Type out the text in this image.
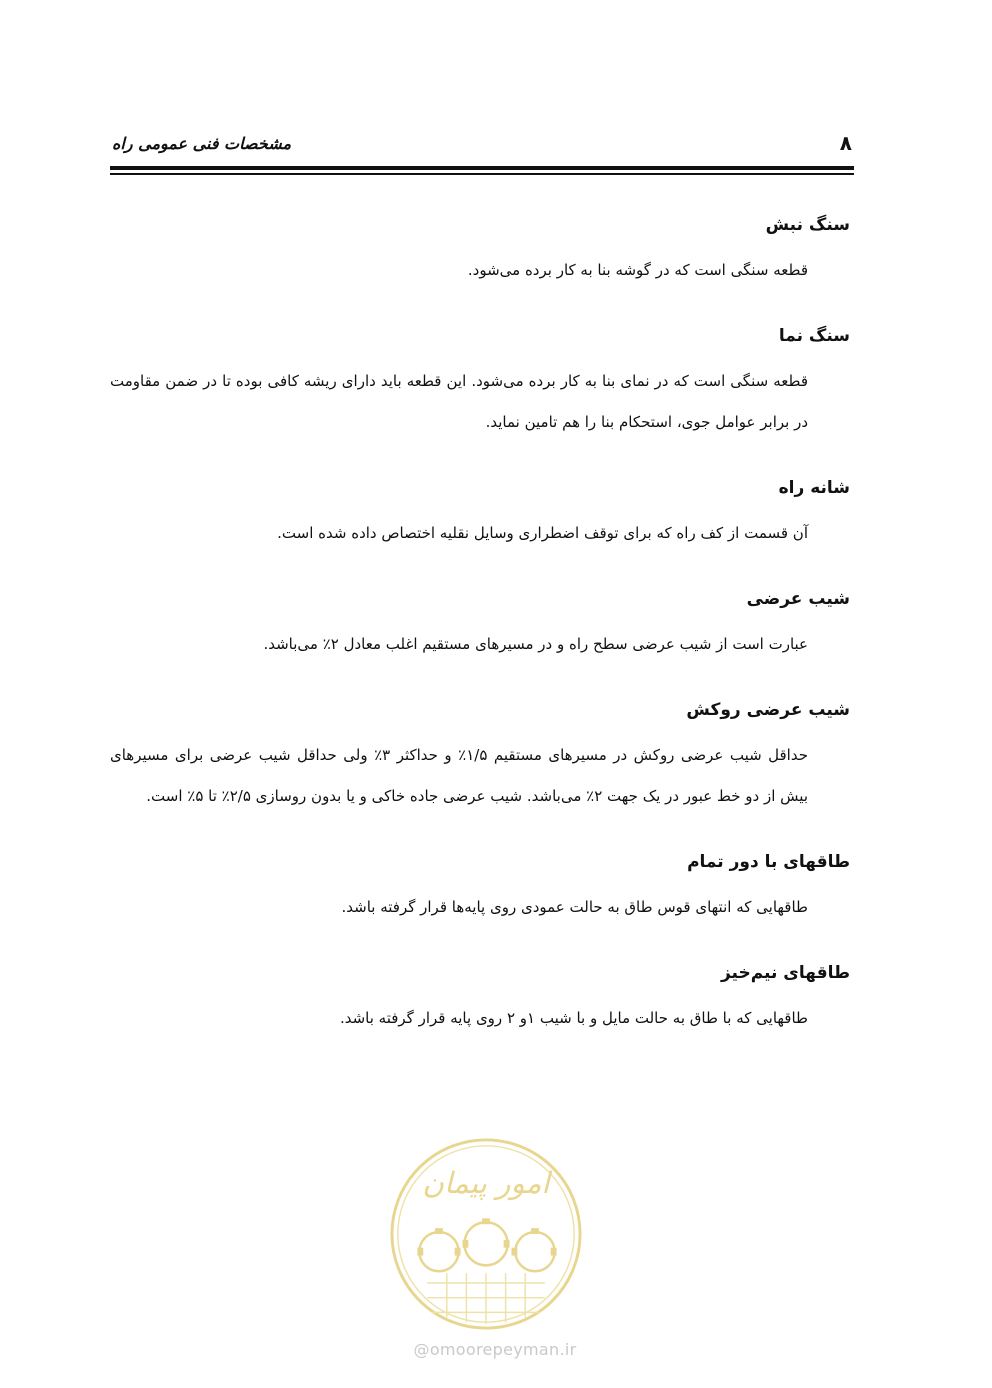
۸
مشخصات فنی عمومی راه
سنگ نبش

قطعه سنگی است که در گوشه بنا به کار برده می‌شود.

سنگ نما

قطعه سنگی است که در نمای بنا به کار برده می‌شود. این قطعه باید دارای ریشه کافی بوده تا در ضمن مقاومت در برابر عوامل جوی، استحکام بنا را هم تامین نماید.

شانه راه

آن قسمت از کف راه که برای توقف اضطراری وسایل نقلیه اختصاص داده شده است.

شیب عرضی

عبارت است از شیب عرضی سطح راه و در مسیرهای مستقیم اغلب معادل ۲٪ می‌باشد.

شیب عرضی روکش

حداقل شیب عرضی روکش در مسیرهای مستقیم ۱/۵٪ و حداکثر ۳٪ ولی حداقل شیب عرضی برای مسیرهای بیش از دو خط عبور در یک جهت ۲٪ می‌باشد. شیب عرضی جاده خاکی و یا بدون روسازی ۲/۵٪ تا ۵٪ است.

طاقهای با دور تمام

طاقهایی که انتهای قوس طاق به حالت عمودی روی پایه‌ها قرار گرفته باشد.

طاقهای نیم‌خیز

طاقهایی که با طاق به حالت مایل و با شیب ۱و ۲ روی پایه قرار گرفته باشد.

امور پیمان
@omoorepeyman.ir
